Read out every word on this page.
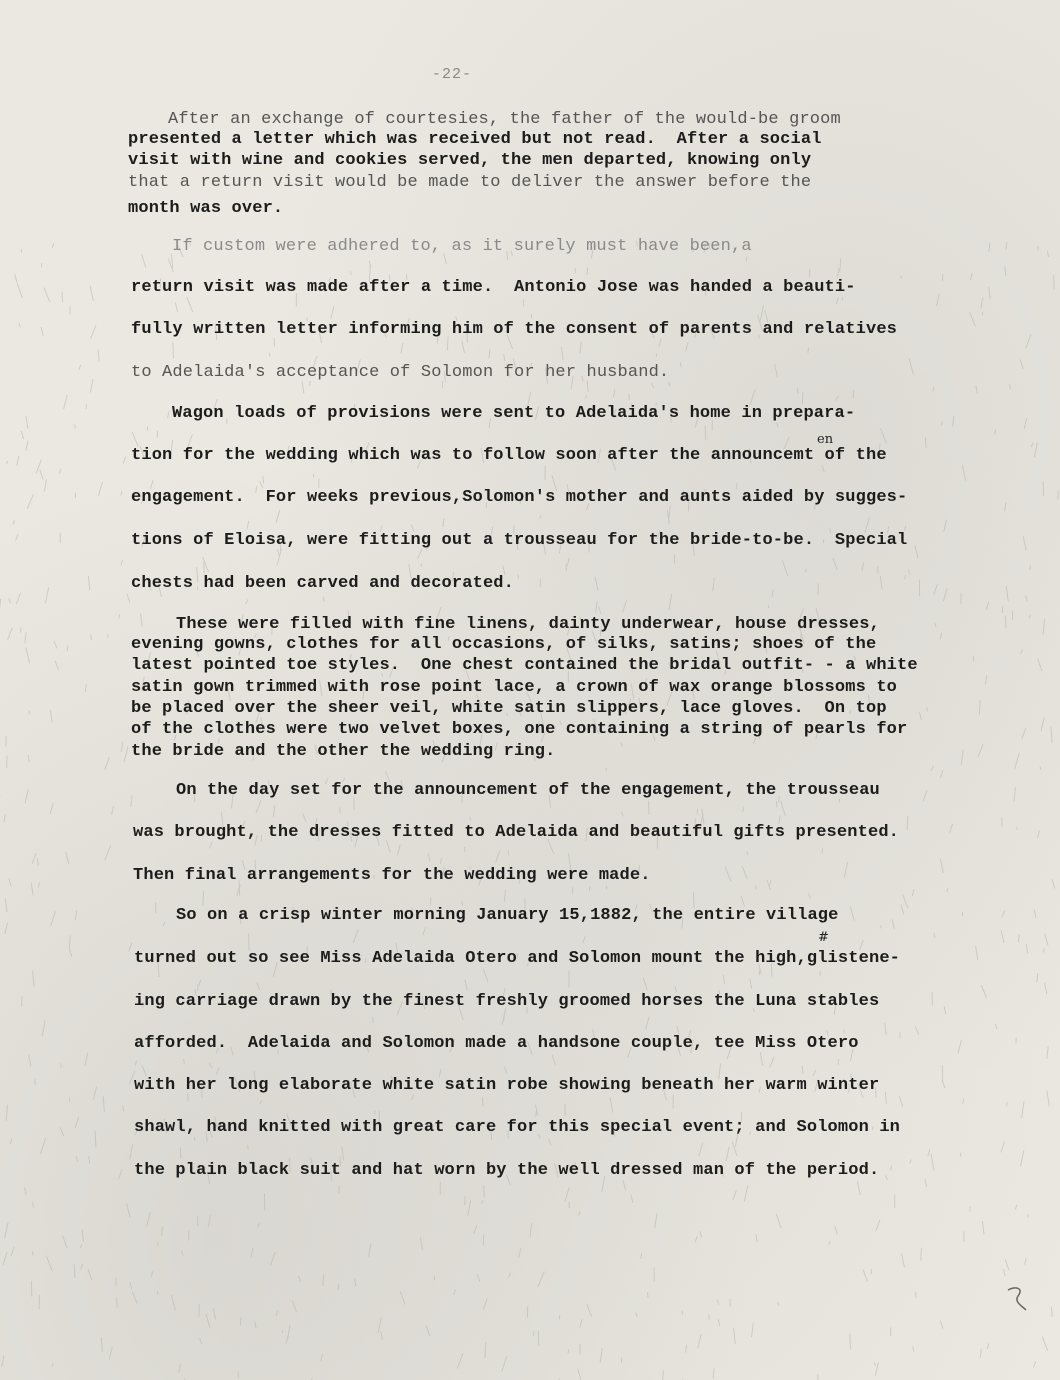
-22-
After an exchange of courtesies, the father of the would-be groom
presented a letter which was received but not read.  After a social
visit with wine and cookies served, the men departed, knowing only
that a return visit would be made to deliver the answer before the
month was over.
If custom were adhered to, as it surely must have been,a
return visit was made after a time.  Antonio Jose was handed a beauti-
fully written letter informing him of the consent of parents and relatives
to Adelaida's acceptance of Solomon for her husband.
Wagon loads of provisions were sent to Adelaida's home in prepara-
en
tion for the wedding which was to follow soon after the announcemt of the
engagement.  For weeks previous,Solomon's mother and aunts aided by sugges-
tions of Eloisa, were fitting out a trousseau for the bride-to-be.  Special
chests had been carved and decorated.
These were filled with fine linens, dainty underwear, house dresses,
evening gowns, clothes for all occasions, of silks, satins; shoes of the
latest pointed toe styles.  One chest contained the bridal outfit- - a white
satin gown trimmed with rose point lace, a crown of wax orange blossoms to
be placed over the sheer veil, white satin slippers, lace gloves.  On top
of the clothes were two velvet boxes, one containing a string of pearls for
the bride and the other the wedding ring.
On the day set for the announcement of the engagement, the trousseau
was brought, the dresses fitted to Adelaida and beautiful gifts presented.
Then final arrangements for the wedding were made.
So on a crisp winter morning January 15,1882, the entire village
#
turned out so see Miss Adelaida Otero and Solomon mount the high,glistene-
ing carriage drawn by the finest freshly groomed horses the Luna stables
afforded.  Adelaida and Solomon made a handsone couple, tee Miss Otero
with her long elaborate white satin robe showing beneath her warm winter
shawl, hand knitted with great care for this special event; and Solomon in
the plain black suit and hat worn by the well dressed man of the period.
